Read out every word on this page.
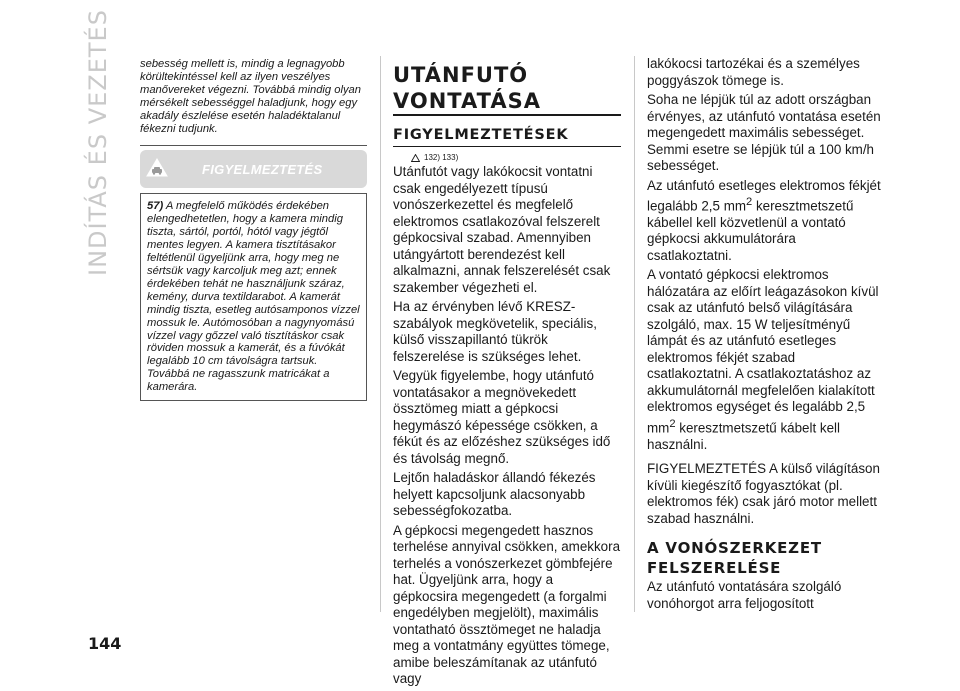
INDÍTÁS ÉS VEZETÉS	sebesség mellett is, mindig a legnagyobb körültekintéssel kell az ilyen veszélyes manővereket végezni. Továbbá mindig olyan mérsékelt sebességgel haladjunk, hogy egy akadály észlelése esetén haladéktalanul fékezni tudjunk.

FIGYELMEZTETÉS

57) A megfelelő működés érdekében elengedhetetlen, hogy a kamera mindig tiszta, sártól, portól, hótól vagy jégtől mentes legyen. A kamera tisztításakor feltétlenül ügyeljünk arra, hogy meg ne sértsük vagy karcoljuk meg azt; ennek érdekében tehát ne használjunk száraz, kemény, durva textildarabot. A kamerát mindig tiszta, esetleg autósamponos vízzel mossuk le. Autómosóban a nagynyomású vízzel vagy gőzzel való tisztításkor csak röviden mossuk a kamerát, és a fúvókát legalább 10 cm távolságra tartsuk. Továbbá ne ragasszunk matricákat a kamerára.

UTÁNFUTÓ
VONTATÁSA
FIGYELMEZTETÉSEK
132) 133)

Utánfutót vagy lakókocsit vontatni csak engedélyezett típusú vonószerkezettel és megfelelő elektromos csatlakozóval felszerelt gépkocsival szabad. Amennyiben utángyártott berendezést kell alkalmazni, annak felszerelését csak szakember végezheti el.

Ha az érvényben lévő KRESZ-szabályok megkövetelik, speciális, külső visszapillantó tükrök felszerelése is szükséges lehet.

Vegyük figyelembe, hogy utánfutó vontatásakor a megnövekedett össztömeg miatt a gépkocsi hegymászó képessége csökken, a fékút és az előzéshez szükséges idő és távolság megnő.

Lejtőn haladáskor állandó fékezés helyett kapcsoljunk alacsonyabb sebességfokozatba.

A gépkocsi megengedett hasznos terhelése annyival csökken, amekkora terhelés a vonószerkezet gömbfejére hat. Ügyeljünk arra, hogy a gépkocsira megengedett (a forgalmi engedélyben megjelölt), maximális vontatható össztömeget ne haladja meg a vontatmány együttes tömege, amibe beleszámítanak az utánfutó vagy

lakókocsi tartozékai és a személyes poggyászok tömege is.

Soha ne lépjük túl az adott országban érvényes, az utánfutó vontatása esetén megengedett maximális sebességet. Semmi esetre se lépjük túl a 100 km/h sebességet.

Az utánfutó esetleges elektromos fékjét legalább 2,5 $mm^2$ keresztmetszetű kábellel kell közvetlenül a vontató gépkocsi akkumulátorára csatlakoztatni.

A vontató gépkocsi elektromos hálózatára az előírt leágazásokon kívül csak az utánfutó belső világítására szolgáló, max. 15 W teljesítményű lámpát és az utánfutó esetleges elektromos fékjét szabad csatlakoztatni. A csatlakoztatáshoz az akkumulátornál megfelelően kialakított elektromos egységet és legalább 2,5 $mm^2$ keresztmetszetű kábelt kell használni.

FIGYELMEZTETÉS A külső világításon kívüli kiegészítő fogyasztókat (pl. elektromos fék) csak járó motor mellett szabad használni.

A VONÓSZERKEZET
FELSZERELÉSE

Az utánfutó vontatására szolgáló vonóhorgot arra feljogosított

144
